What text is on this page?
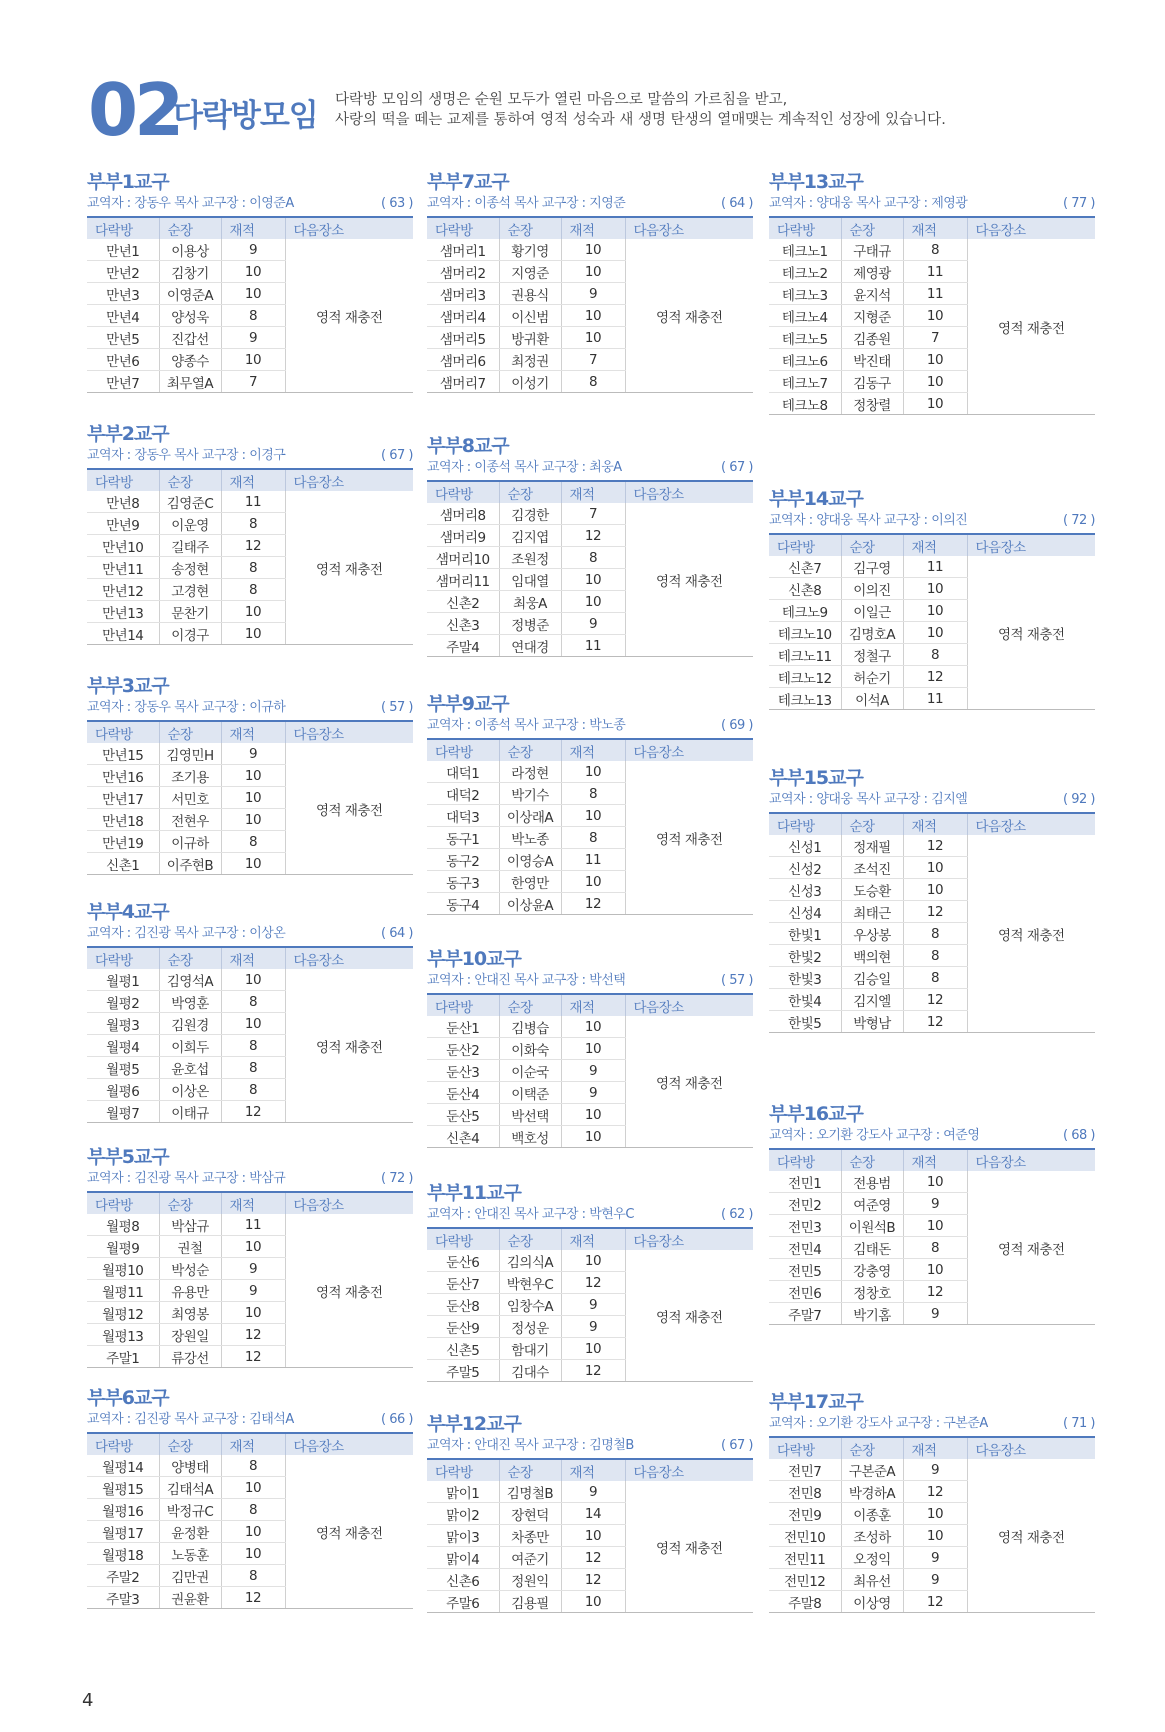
02
다락방모임 다락방 모임의 생명은 순원 모두가 열린 마음으로 말씀의 가르침을 받고,
사랑의 떡을 떼는 교제를 통하여 영적 성숙과 새 생명 탄생의 열매맺는 계속적인 성장에 있습니다.
부부1교구
교역자 : 장동우 목사 교구장 : 이영준A	( 63 )
다락방	순장	재적	다음장소
만년1	이용상	9	영적 재충전
만년2	김창기	10	
만년3	이영준A	10	
만년4	양성욱	8	
만년5	진갑선	9	
만년6	양종수	10	
만년7	최무열A	7	
부부2교구
교역자 : 장동우 목사 교구장 : 이경구	( 67 )
다락방	순장	재적	다음장소
만년8	김영준C	11	영적 재충전
만년9	이운영	8	
만년10	길태주	12	
만년11	송정현	8	
만년12	고경현	8	
만년13	문찬기	10	
만년14	이경구	10	
부부3교구
교역자 : 장동우 목사 교구장 : 이규하	( 57 )
다락방	순장	재적	다음장소
만년15	김영민H	9	영적 재충전
만년16	조기용	10	
만년17	서민호	10	
만년18	전현우	10	
만년19	이규하	8	
신촌1	이주현B	10	
부부4교구
교역자 : 김진광 목사 교구장 : 이상온	( 64 )
다락방	순장	재적	다음장소
월평1	김영석A	10	영적 재충전
월평2	박영훈	8	
월평3	김원경	10	
월평4	이희두	8	
월평5	윤호섭	8	
월평6	이상온	8	
월평7	이태규	12	
부부5교구
교역자 : 김진광 목사 교구장 : 박삼규	( 72 )
다락방	순장	재적	다음장소
월평8	박삼규	11	영적 재충전
월평9	권철	10	
월평10	박성순	9	
월평11	유용만	9	
월평12	최영봉	10	
월평13	장원일	12	
주말1	류강선	12	
부부6교구
교역자 : 김진광 목사 교구장 : 김태석A	( 66 )
다락방	순장	재적	다음장소
월평14	양병태	8	영적 재충전
월평15	김태석A	10	
월평16	박정규C	8	
월평17	윤정환	10	
월평18	노동훈	10	
주말2	김만권	8	
주말3	권윤환	12	
부부7교구
교역자 : 이종석 목사 교구장 : 지영준	( 64 )
다락방	순장	재적	다음장소
샘머리1	황기영	10	영적 재충전
샘머리2	지영준	10	
샘머리3	권용식	9	
샘머리4	이신범	10	
샘머리5	방귀환	10	
샘머리6	최정권	7	
샘머리7	이성기	8	
부부8교구
교역자 : 이종석 목사 교구장 : 최웅A	( 67 )
다락방	순장	재적	다음장소
샘머리8	김경한	7	영적 재충전
샘머리9	김지엽	12	
샘머리10	조원정	8	
샘머리11	임대열	10	
신촌2	최웅A	10	
신촌3	정병준	9	
주말4	연대경	11	
부부9교구
교역자 : 이종석 목사 교구장 : 박노종	( 69 )
다락방	순장	재적	다음장소
대덕1	라정현	10	영적 재충전
대덕2	박기수	8	
대덕3	이상래A	10	
동구1	박노종	8	
동구2	이영승A	11	
동구3	한영만	10	
동구4	이상윤A	12	
부부10교구
교역자 : 안대진 목사 교구장 : 박선택	( 57 )
다락방	순장	재적	다음장소
둔산1	김병습	10	영적 재충전
둔산2	이화숙	10	
둔산3	이순국	9	
둔산4	이택준	9	
둔산5	박선택	10	
신촌4	백호성	10	
부부11교구
교역자 : 안대진 목사 교구장 : 박현우C	( 62 )
다락방	순장	재적	다음장소
둔산6	김의식A	10	영적 재충전
둔산7	박현우C	12	
둔산8	임창수A	9	
둔산9	정성운	9	
신촌5	함대기	10	
주말5	김대수	12	
부부12교구
교역자 : 안대진 목사 교구장 : 김명철B	( 67 )
다락방	순장	재적	다음장소
맑이1	김명철B	9	영적 재충전
맑이2	장현덕	14	
맑이3	차종만	10	
맑이4	여준기	12	
신촌6	정원익	12	
주말6	김용필	10	
부부13교구
교역자 : 양대웅 목사 교구장 : 제영광	( 77 )
다락방	순장	재적	다음장소
테크노1	구태규	8	영적 재충전
테크노2	제영광	11	
테크노3	윤지석	11	
테크노4	지형준	10	
테크노5	김종원	7	
테크노6	박진태	10	
테크노7	김동구	10	
테크노8	정창렬	10	
부부14교구
교역자 : 양대웅 목사 교구장 : 이의진	( 72 )
다락방	순장	재적	다음장소
신촌7	김구영	11	영적 재충전
신촌8	이의진	10	
테크노9	이일근	10	
테크노10	김명호A	10	
테크노11	정철구	8	
테크노12	허순기	12	
테크노13	이석A	11	
부부15교구
교역자 : 양대웅 목사 교구장 : 김지엘	( 92 )
다락방	순장	재적	다음장소
신성1	정재필	12	영적 재충전
신성2	조석진	10	
신성3	도승환	10	
신성4	최태근	12	
한빛1	우상봉	8	
한빛2	백의현	8	
한빛3	김승일	8	
한빛4	김지엘	12	
한빛5	박형남	12	
부부16교구
교역자 : 오기환 강도사 교구장 : 여준영	( 68 )
다락방	순장	재적	다음장소
전민1	전용범	10	영적 재충전
전민2	여준영	9	
전민3	이원석B	10	
전민4	김태돈	8	
전민5	강충영	10	
전민6	정창호	12	
주말7	박기홈	9	
부부17교구
교역자 : 오기환 강도사 교구장 : 구본준A	( 71 )
다락방	순장	재적	다음장소
전민7	구본준A	9	영적 재충전
전민8	박경하A	12	
전민9	이종훈	10	
전민10	조성하	10	
전민11	오정익	9	
전민12	최유선	9	
주말8	이상영	12	
4
